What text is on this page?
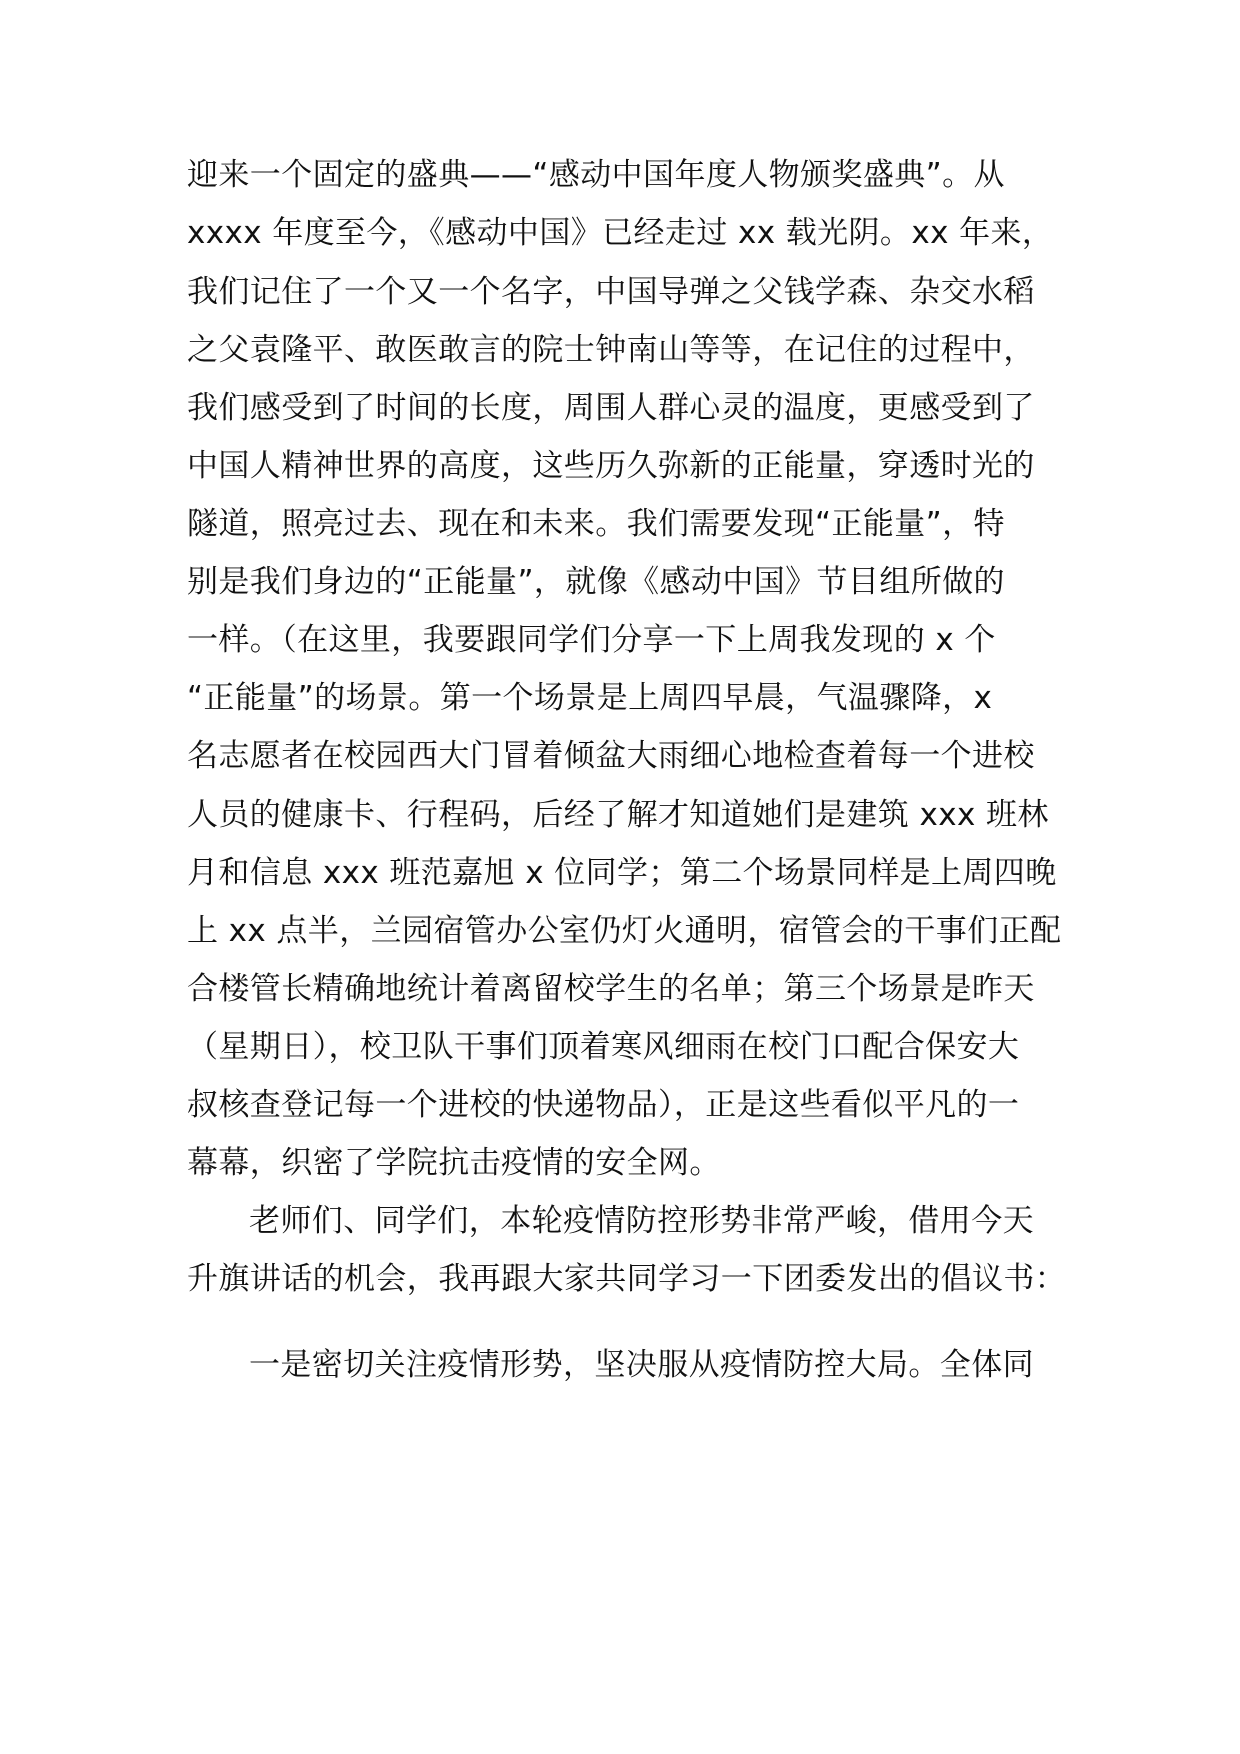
迎来一个固定的盛典——“感动中国年度人物颁奖盛典”。从
xxxx 年度至今，《感动中国》已经走过 xx 载光阴。xx 年来，
我们记住了一个又一个名字，中国导弹之父钱学森、杂交水稻
之父袁隆平、敢医敢言的院士钟南山等等，在记住的过程中，
我们感受到了时间的长度，周围人群心灵的温度，更感受到了
中国人精神世界的高度，这些历久弥新的正能量，穿透时光的
隧道，照亮过去、现在和未来。我们需要发现“正能量”，特
别是我们身边的“正能量”，就像《感动中国》节目组所做的
一样。（在这里，我要跟同学们分享一下上周我发现的 x 个
“正能量”的场景。第一个场景是上周四早晨，气温骤降，x
名志愿者在校园西大门冒着倾盆大雨细心地检查着每一个进校
人员的健康卡、行程码，后经了解才知道她们是建筑 xxx 班林
月和信息 xxx 班范嘉旭 x 位同学；第二个场景同样是上周四晚
上 xx 点半，兰园宿管办公室仍灯火通明，宿管会的干事们正配
合楼管长精确地统计着离留校学生的名单；第三个场景是昨天
（星期日），校卫队干事们顶着寒风细雨在校门口配合保安大
叔核查登记每一个进校的快递物品），正是这些看似平凡的一
幕幕，织密了学院抗击疫情的安全网。
老师们、同学们，本轮疫情防控形势非常严峻，借用今天
升旗讲话的机会，我再跟大家共同学习一下团委发出的倡议书：
一是密切关注疫情形势，坚决服从疫情防控大局。全体同
